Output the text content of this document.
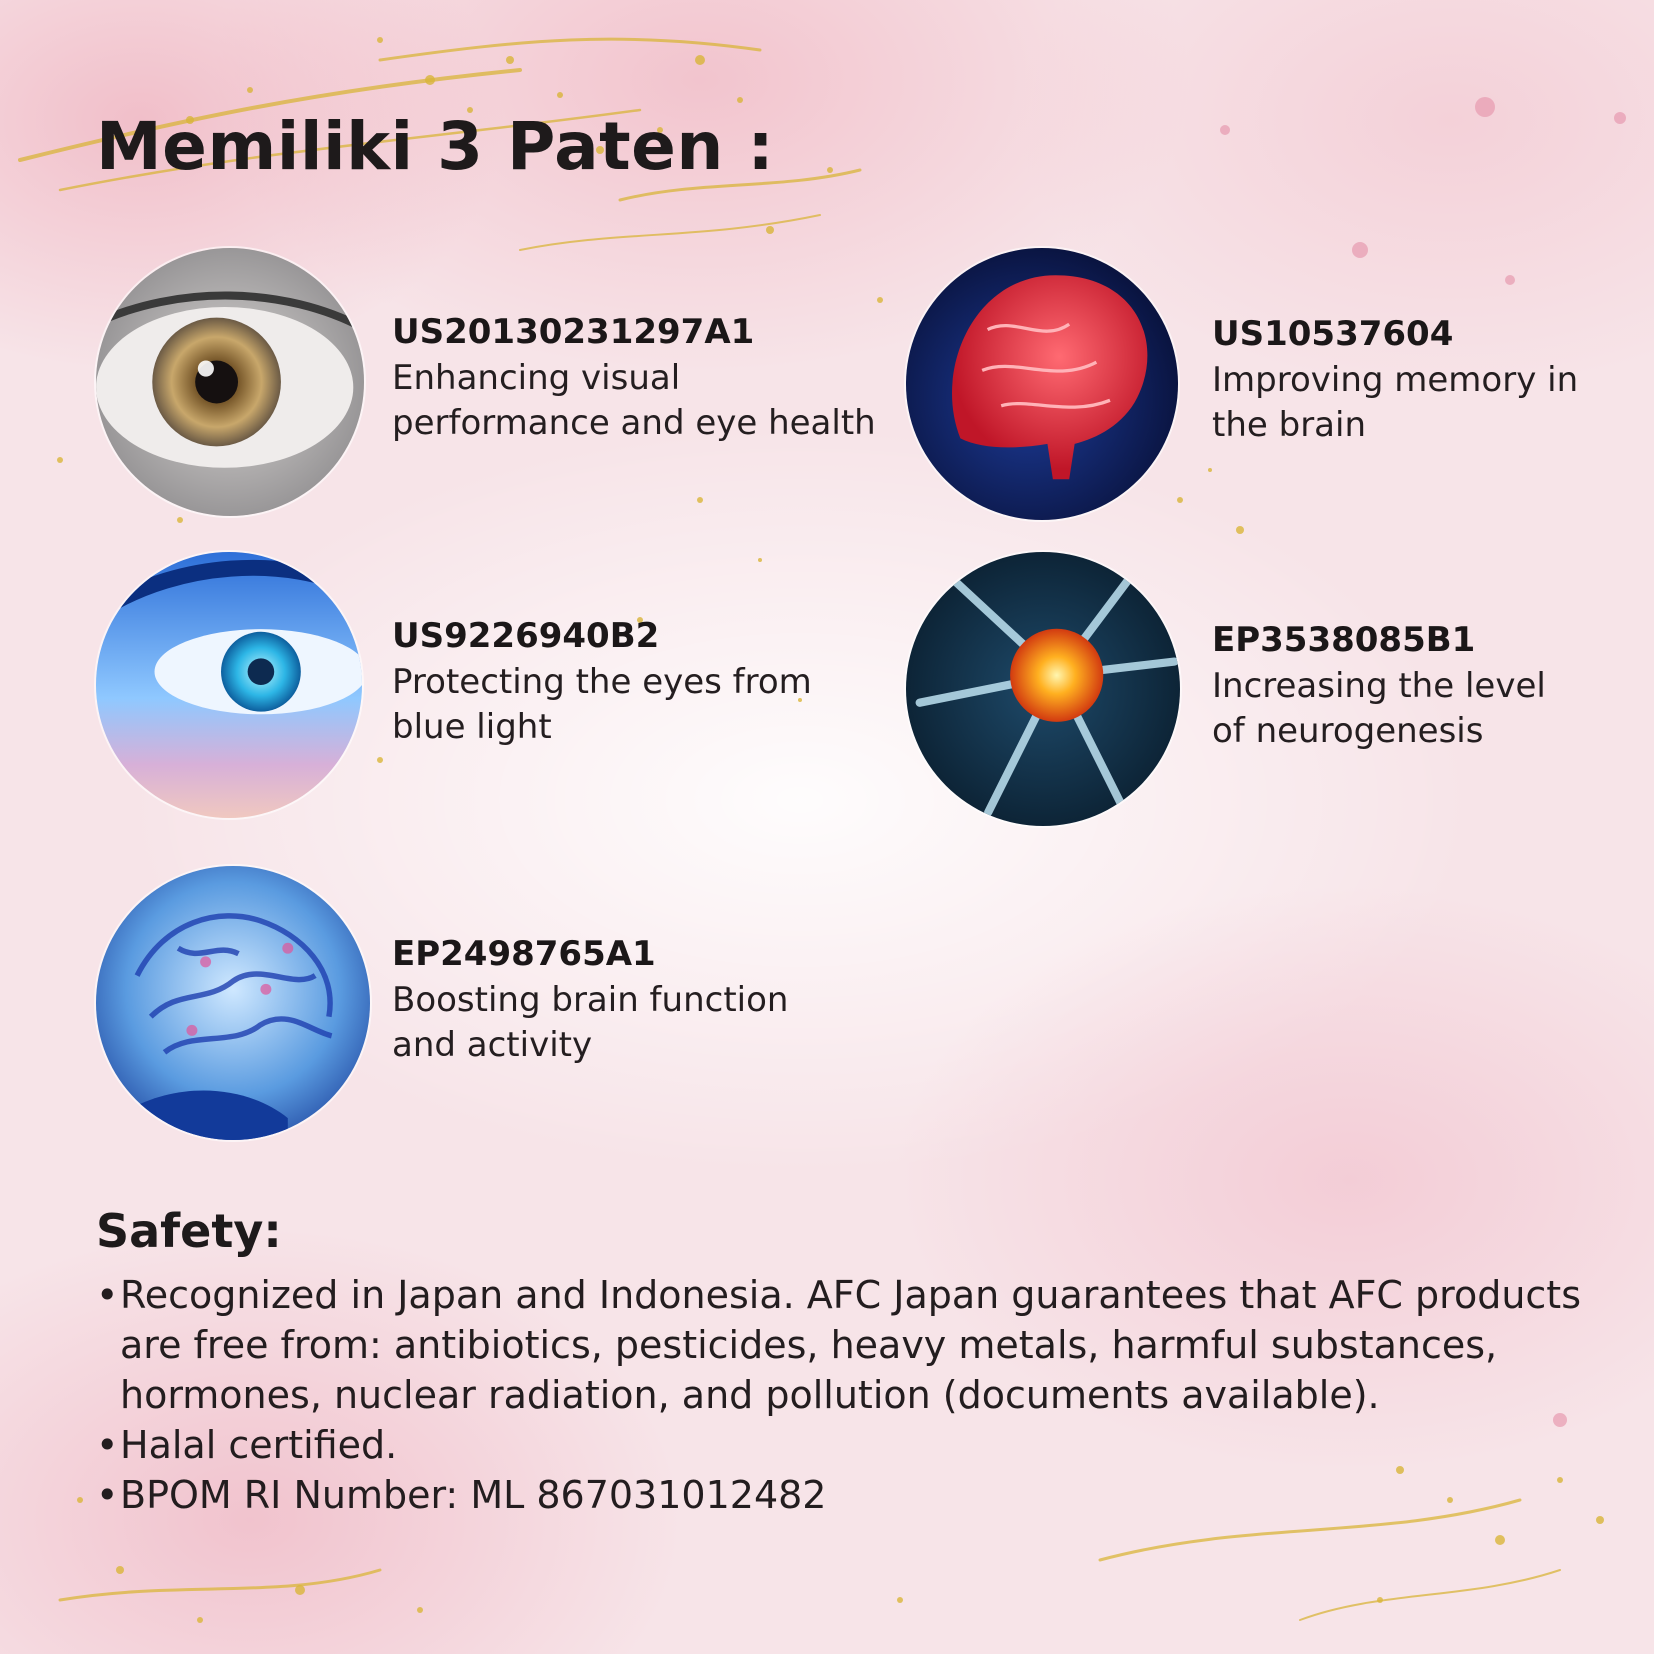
Memiliki 3 Paten :
US20130231297A1
Enhancing visual
performance and eye health
US10537604
Improving memory in
the brain
US9226940B2
Protecting the eyes from
blue light
EP3538085B1
Increasing the level
of neurogenesis
EP2498765A1
Boosting brain function
and activity
Safety:
• Recognized in Japan and Indonesia. AFC Japan guarantees that AFC products are free from: antibiotics, pesticides, heavy metals, harmful substances, hormones, nuclear radiation, and pollution (documents available).
• Halal certified.
• BPOM RI Number: ML 867031012482
